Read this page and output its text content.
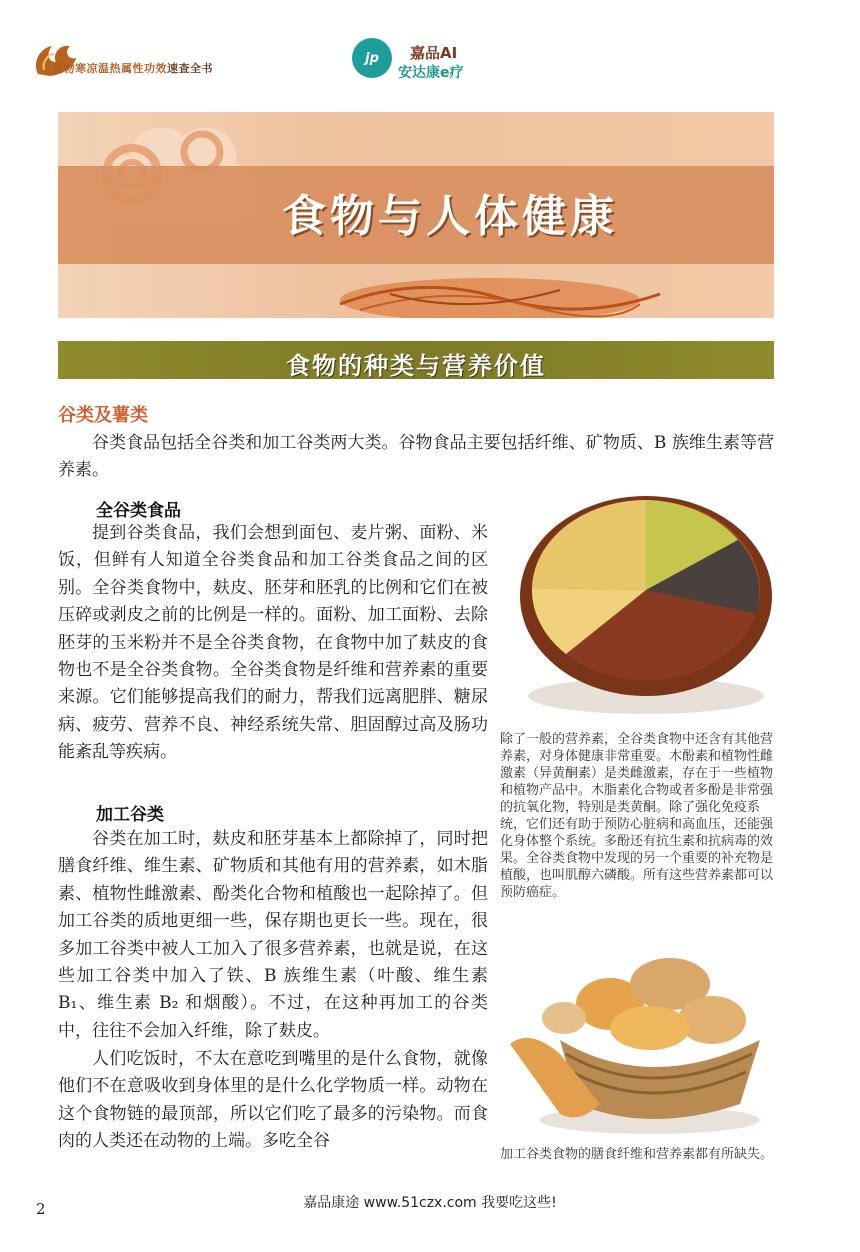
食物寒凉温热属性功效速查全书
jp 嘉品AI
安达康e疗
食物与人体健康
食物的种类与营养价值
谷类及薯类
谷类食品包括全谷类和加工谷类两大类。谷物食品主要包括纤维、矿物质、B 族维生素等营养素。
全谷类食品
提到谷类食品，我们会想到面包、麦片粥、面粉、米饭，但鲜有人知道全谷类食品和加工谷类食品之间的区别。全谷类食物中，麸皮、胚芽和胚乳的比例和它们在被压碎或剥皮之前的比例是一样的。面粉、加工面粉、去除胚芽的玉米粉并不是全谷类食物，在食物中加了麸皮的食物也不是全谷类食物。全谷类食物是纤维和营养素的重要来源。它们能够提高我们的耐力，帮我们远离肥胖、糖尿病、疲劳、营养不良、神经系统失常、胆固醇过高及肠功能紊乱等疾病。
加工谷类
谷类在加工时，麸皮和胚芽基本上都除掉了，同时把膳食纤维、维生素、矿物质和其他有用的营养素，如木脂素、植物性雌激素、酚类化合物和植酸也一起除掉了。但加工谷类的质地更细一些，保存期也更长一些。现在，很多加工谷类中被人工加入了很多营养素，也就是说，在这些加工谷类中加入了铁、B 族维生素（叶酸、维生素 B₁、维生素 B₂ 和烟酸）。不过，在这种再加工的谷类中，往往不会加入纤维，除了麸皮。
人们吃饭时，不太在意吃到嘴里的是什么食物，就像他们不在意吸收到身体里的是什么化学物质一样。动物在这个食物链的最顶部，所以它们吃了最多的污染物。而食肉的人类还在动物的上端。多吃全谷
除了一般的营养素，全谷类食物中还含有其他营养素，对身体健康非常重要。木酚素和植物性雌激素（异黄酮素）是类雌激素，存在于一些植物和植物产品中。木脂素化合物或者多酚是非常强的抗氧化物，特别是类黄酮。除了强化免疫系统，它们还有助于预防心脏病和高血压，还能强化身体整个系统。多酚还有抗生素和抗病毒的效果。全谷类食物中发现的另一个重要的补充物是植酸，也叫肌醇六磷酸。所有这些营养素都可以预防癌症。
加工谷类食物的膳食纤维和营养素都有所缺失。
2	嘉品康途 www.51czx.com 我要吃这些!
